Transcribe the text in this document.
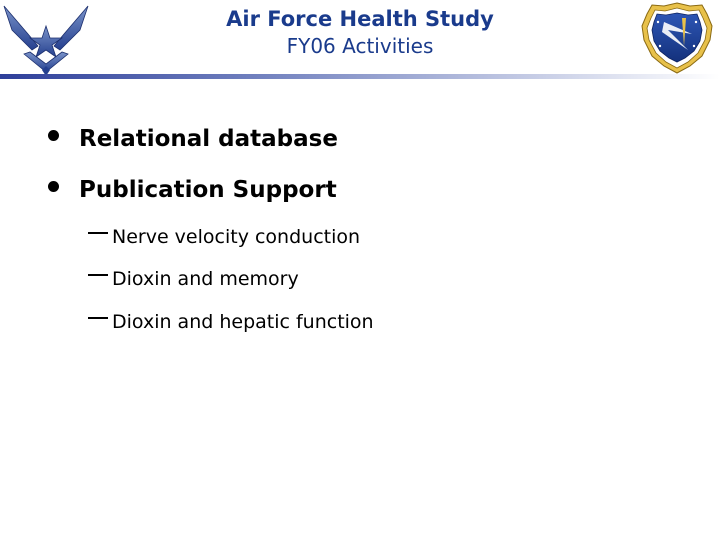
Air Force Health Study
FY06 Activities
Relational database
Publication Support
Nerve velocity conduction
Dioxin and memory
Dioxin and hepatic function
